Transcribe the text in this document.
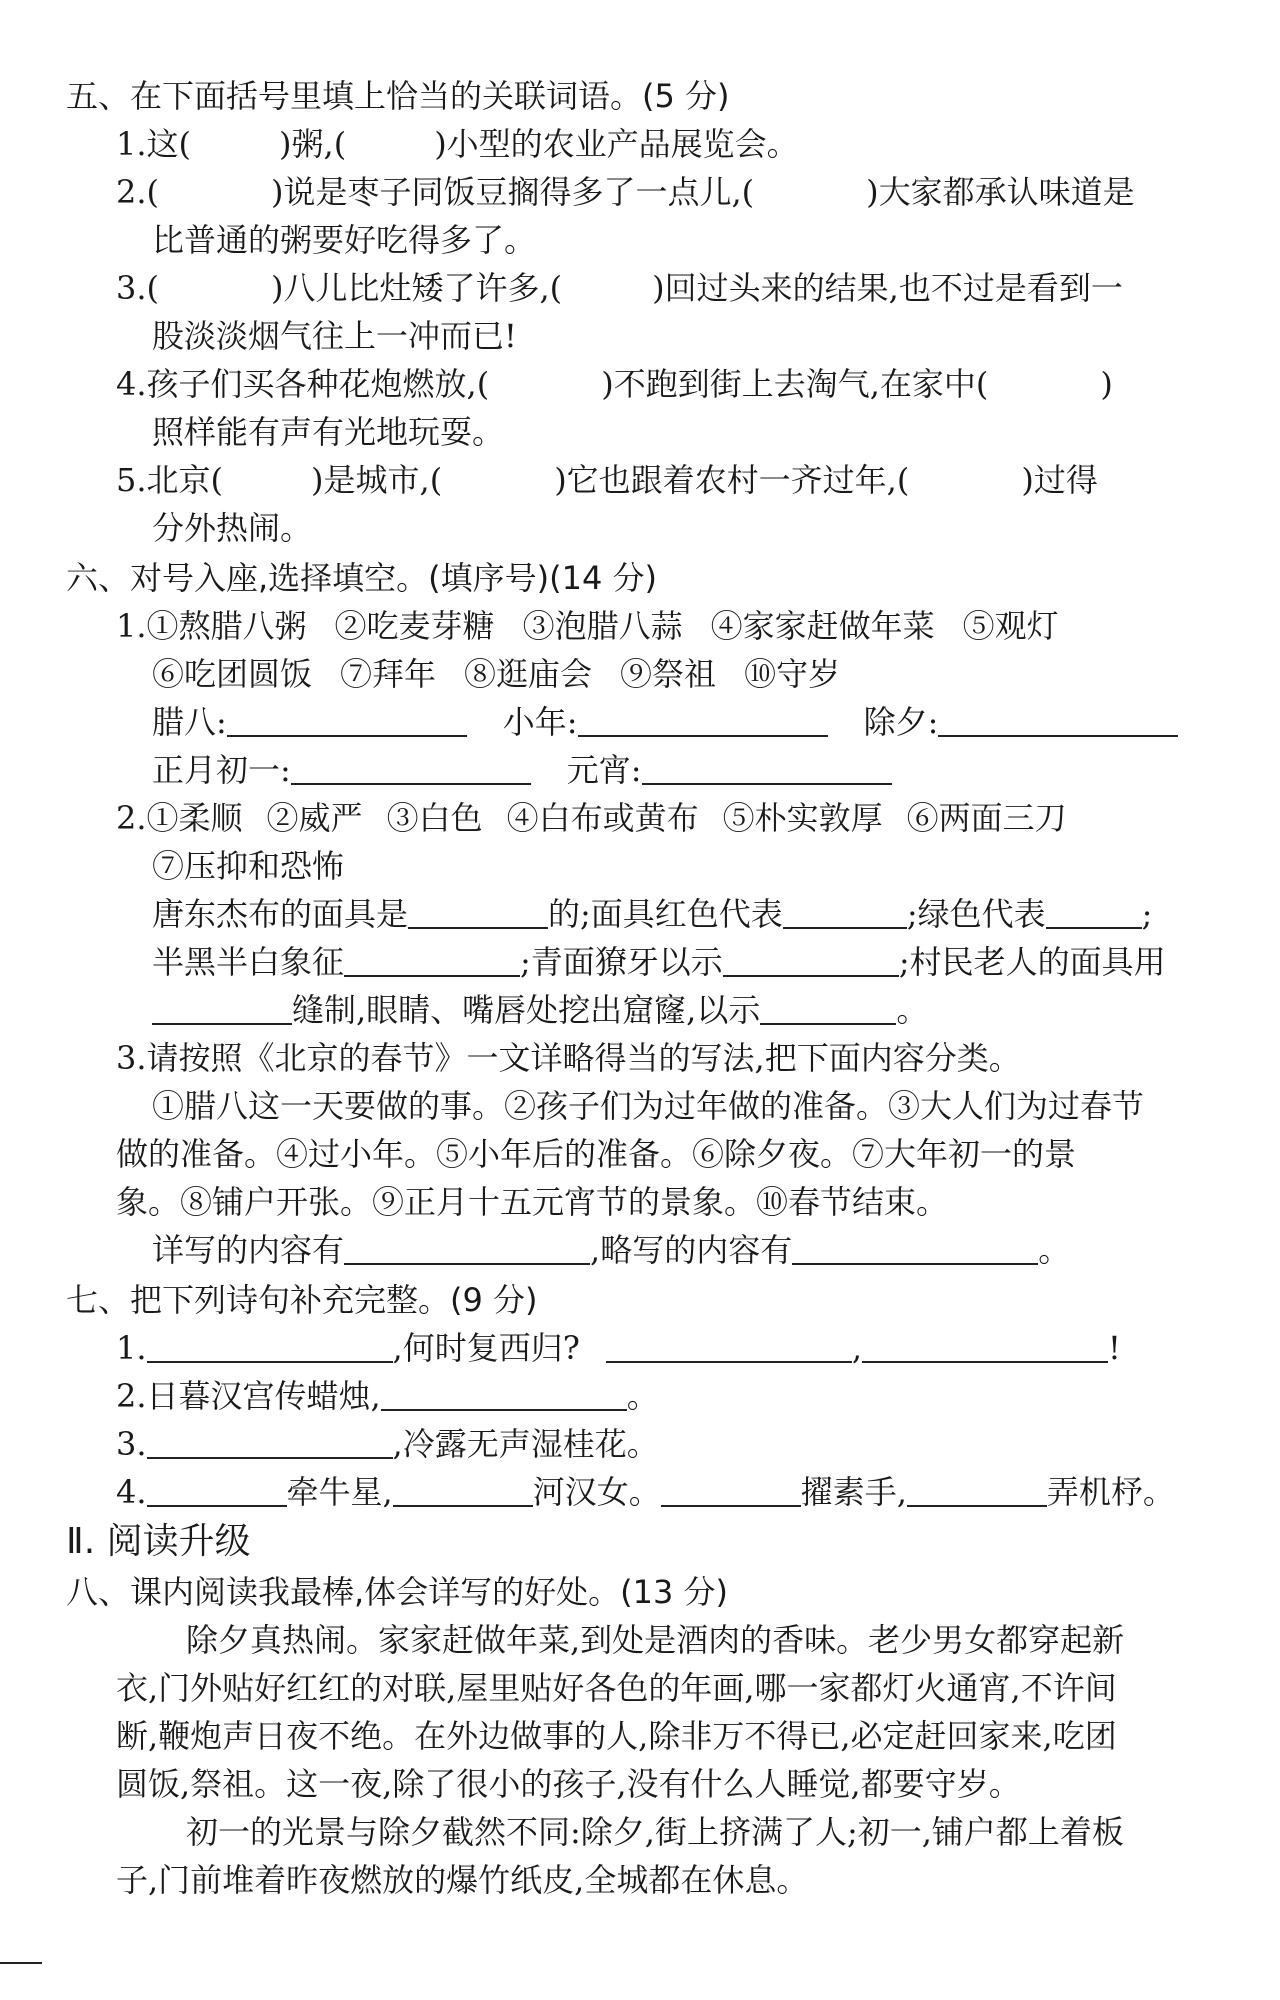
五、在下面括号里填上恰当的关联词语。(5 分)
1.这(	)粥,(	)小型的农业产品展览会。
2.(	)说是枣子同饭豆搁得多了一点儿,(	)大家都承认味道是
比普通的粥要好吃得多了。
3.(	)八儿比灶矮了许多,(	)回过头来的结果,也不过是看到一
股淡淡烟气往上一冲而已!
4.孩子们买各种花炮燃放,(	)不跑到街上去淘气,在家中(	)
照样能有声有光地玩耍。
5.北京(	)是城市,(	)它也跟着农村一齐过年,(	)过得
分外热闹。
六、对号入座,选择填空。(填序号)(14 分)
1.①熬腊八粥 ②吃麦芽糖 ③泡腊八蒜 ④家家赶做年菜 ⑤观灯
⑥吃团圆饭 ⑦拜年 ⑧逛庙会 ⑨祭祖 ⑩守岁
腊八:	小年:	除夕:
正月初一:	元宵:
2.①柔顺 ②威严 ③白色 ④白布或黄布 ⑤朴实敦厚 ⑥两面三刀
⑦压抑和恐怖
唐东杰布的面具是	的;面具红色代表	;绿色代表	;
半黑半白象征	;青面獠牙以示	;村民老人的面具用
缝制,眼睛、嘴唇处挖出窟窿,以示	。
3.请按照《北京的春节》一文详略得当的写法,把下面内容分类。
①腊八这一天要做的事。②孩子们为过年做的准备。③大人们为过春节
做的准备。④过小年。⑤小年后的准备。⑥除夕夜。⑦大年初一的景
象。⑧铺户开张。⑨正月十五元宵节的景象。⑩春节结束。
详写的内容有	,略写的内容有	。
七、把下列诗句补充完整。(9 分)
1.	,何时复西归?	,	!
2.日暮汉宫传蜡烛,	。
3.	,冷露无声湿桂花。
4.	牵牛星,	河汉女。	擢素手,	弄机杼。
Ⅱ. 阅读升级
八、课内阅读我最棒,体会详写的好处。(13 分)
除夕真热闹。家家赶做年菜,到处是酒肉的香味。老少男女都穿起新
衣,门外贴好红红的对联,屋里贴好各色的年画,哪一家都灯火通宵,不许间
断,鞭炮声日夜不绝。在外边做事的人,除非万不得已,必定赶回家来,吃团
圆饭,祭祖。这一夜,除了很小的孩子,没有什么人睡觉,都要守岁。
初一的光景与除夕截然不同:除夕,街上挤满了人;初一,铺户都上着板
子,门前堆着昨夜燃放的爆竹纸皮,全城都在休息。
